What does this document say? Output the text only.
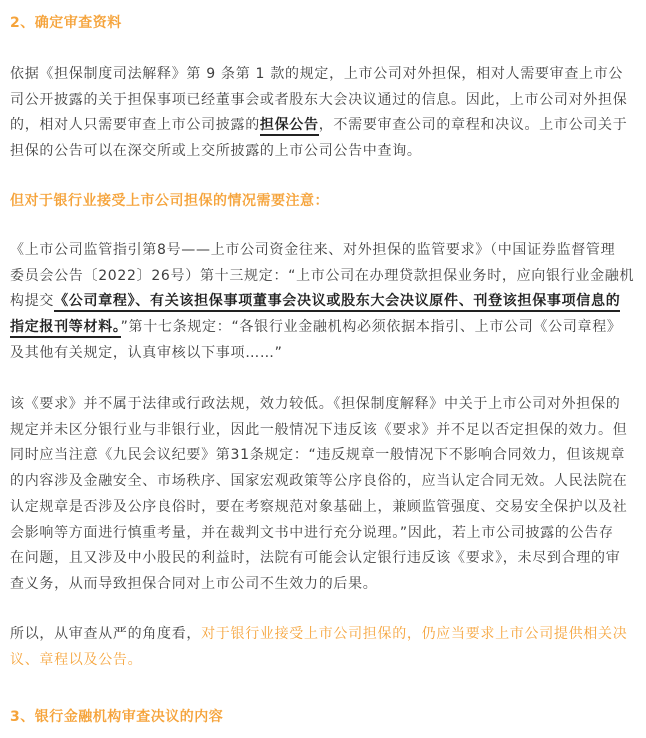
2、确定审查资料
依据《担保制度司法解释》第 9 条第 1 款的规定，上市公司对外担保，相对人需要审查上市公
司公开披露的关于担保事项已经董事会或者股东大会决议通过的信息。因此，上市公司对外担保
的，相对人只需要审查上市公司披露的担保公告，不需要审查公司的章程和决议。上市公司关于
担保的公告可以在深交所或上交所披露的上市公司公告中查询。
但对于银行业接受上市公司担保的情况需要注意：
《上市公司监管指引第8号——上市公司资金往来、对外担保的监管要求》（中国证券监督管理
委员会公告〔2022〕26号）第十三规定：“上市公司在办理贷款担保业务时，应向银行业金融机
构提交《公司章程》、有关该担保事项董事会决议或股东大会决议原件、刊登该担保事项信息的
指定报刊等材料。”第十七条规定：“各银行业金融机构必须依据本指引、上市公司《公司章程》
及其他有关规定，认真审核以下事项……”
该《要求》并不属于法律或行政法规，效力较低。《担保制度解释》中关于上市公司对外担保的
规定并未区分银行业与非银行业，因此一般情况下违反该《要求》并不足以否定担保的效力。但
同时应当注意《九民会议纪要》第31条规定：“违反规章一般情况下不影响合同效力，但该规章
的内容涉及金融安全、市场秩序、国家宏观政策等公序良俗的，应当认定合同无效。人民法院在
认定规章是否涉及公序良俗时，要在考察规范对象基础上，兼顾监管强度、交易安全保护以及社
会影响等方面进行慎重考量，并在裁判文书中进行充分说理。”因此，若上市公司披露的公告存
在问题，且又涉及中小股民的利益时，法院有可能会认定银行违反该《要求》，未尽到合理的审
查义务，从而导致担保合同对上市公司不生效力的后果。
所以，从审查从严的角度看，对于银行业接受上市公司担保的，仍应当要求上市公司提供相关决
议、章程以及公告。
3、银行金融机构审查决议的内容
